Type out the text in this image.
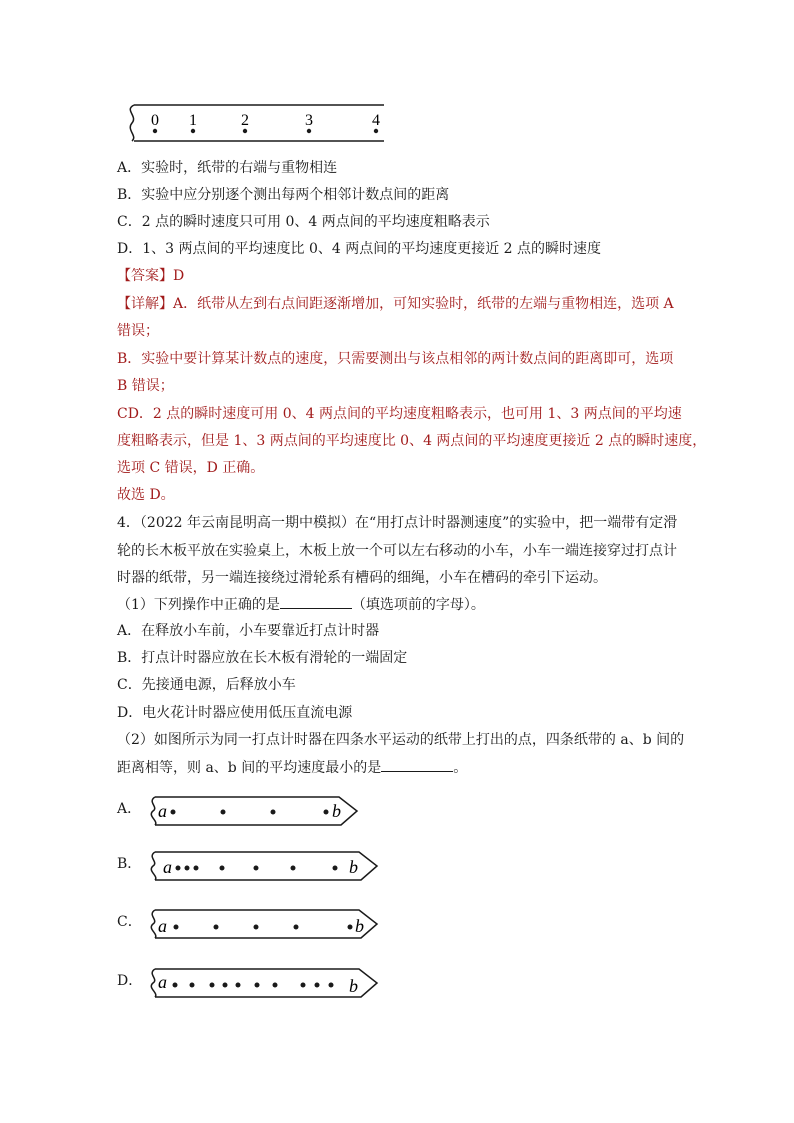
0 1	2	3	4
A．实验时，纸带的右端与重物相连
B．实验中应分别逐个测出每两个相邻计数点间的距离
C．2 点的瞬时速度只可用 0、4 两点间的平均速度粗略表示
D．1、3 两点间的平均速度比 0、4 两点间的平均速度更接近 2 点的瞬时速度
【答案】D
【详解】A．纸带从左到右点间距逐渐增加，可知实验时，纸带的左端与重物相连，选项 A
错误；
B．实验中要计算某计数点的速度，只需要测出与该点相邻的两计数点间的距离即可，选项
B 错误；
CD．2 点的瞬时速度可用 0、4 两点间的平均速度粗略表示，也可用 1、3 两点间的平均速
度粗略表示，但是 1、3 两点间的平均速度比 0、4 两点间的平均速度更接近 2 点的瞬时速度，
选项 C 错误，D 正确。
故选 D。
4．（2022 年云南昆明高一期中模拟）在“用打点计时器测速度”的实验中，把一端带有定滑
轮的长木板平放在实验桌上，木板上放一个可以左右移动的小车，小车一端连接穿过打点计
时器的纸带，另一端连接绕过滑轮系有槽码的细绳，小车在槽码的牵引下运动。
（1）下列操作中正确的是	（填选项前的字母）。
A．在释放小车前，小车要靠近打点计时器
B．打点计时器应放在长木板有滑轮的一端固定
C．先接通电源，后释放小车
D．电火花计时器应使用低压直流电源
（2）如图所示为同一打点计时器在四条水平运动的纸带上打出的点，四条纸带的 a、b 间的
距离相等，则 a、b 间的平均速度最小的是	。
A． a	b
B． a	b
C． a	b
D． a	b
